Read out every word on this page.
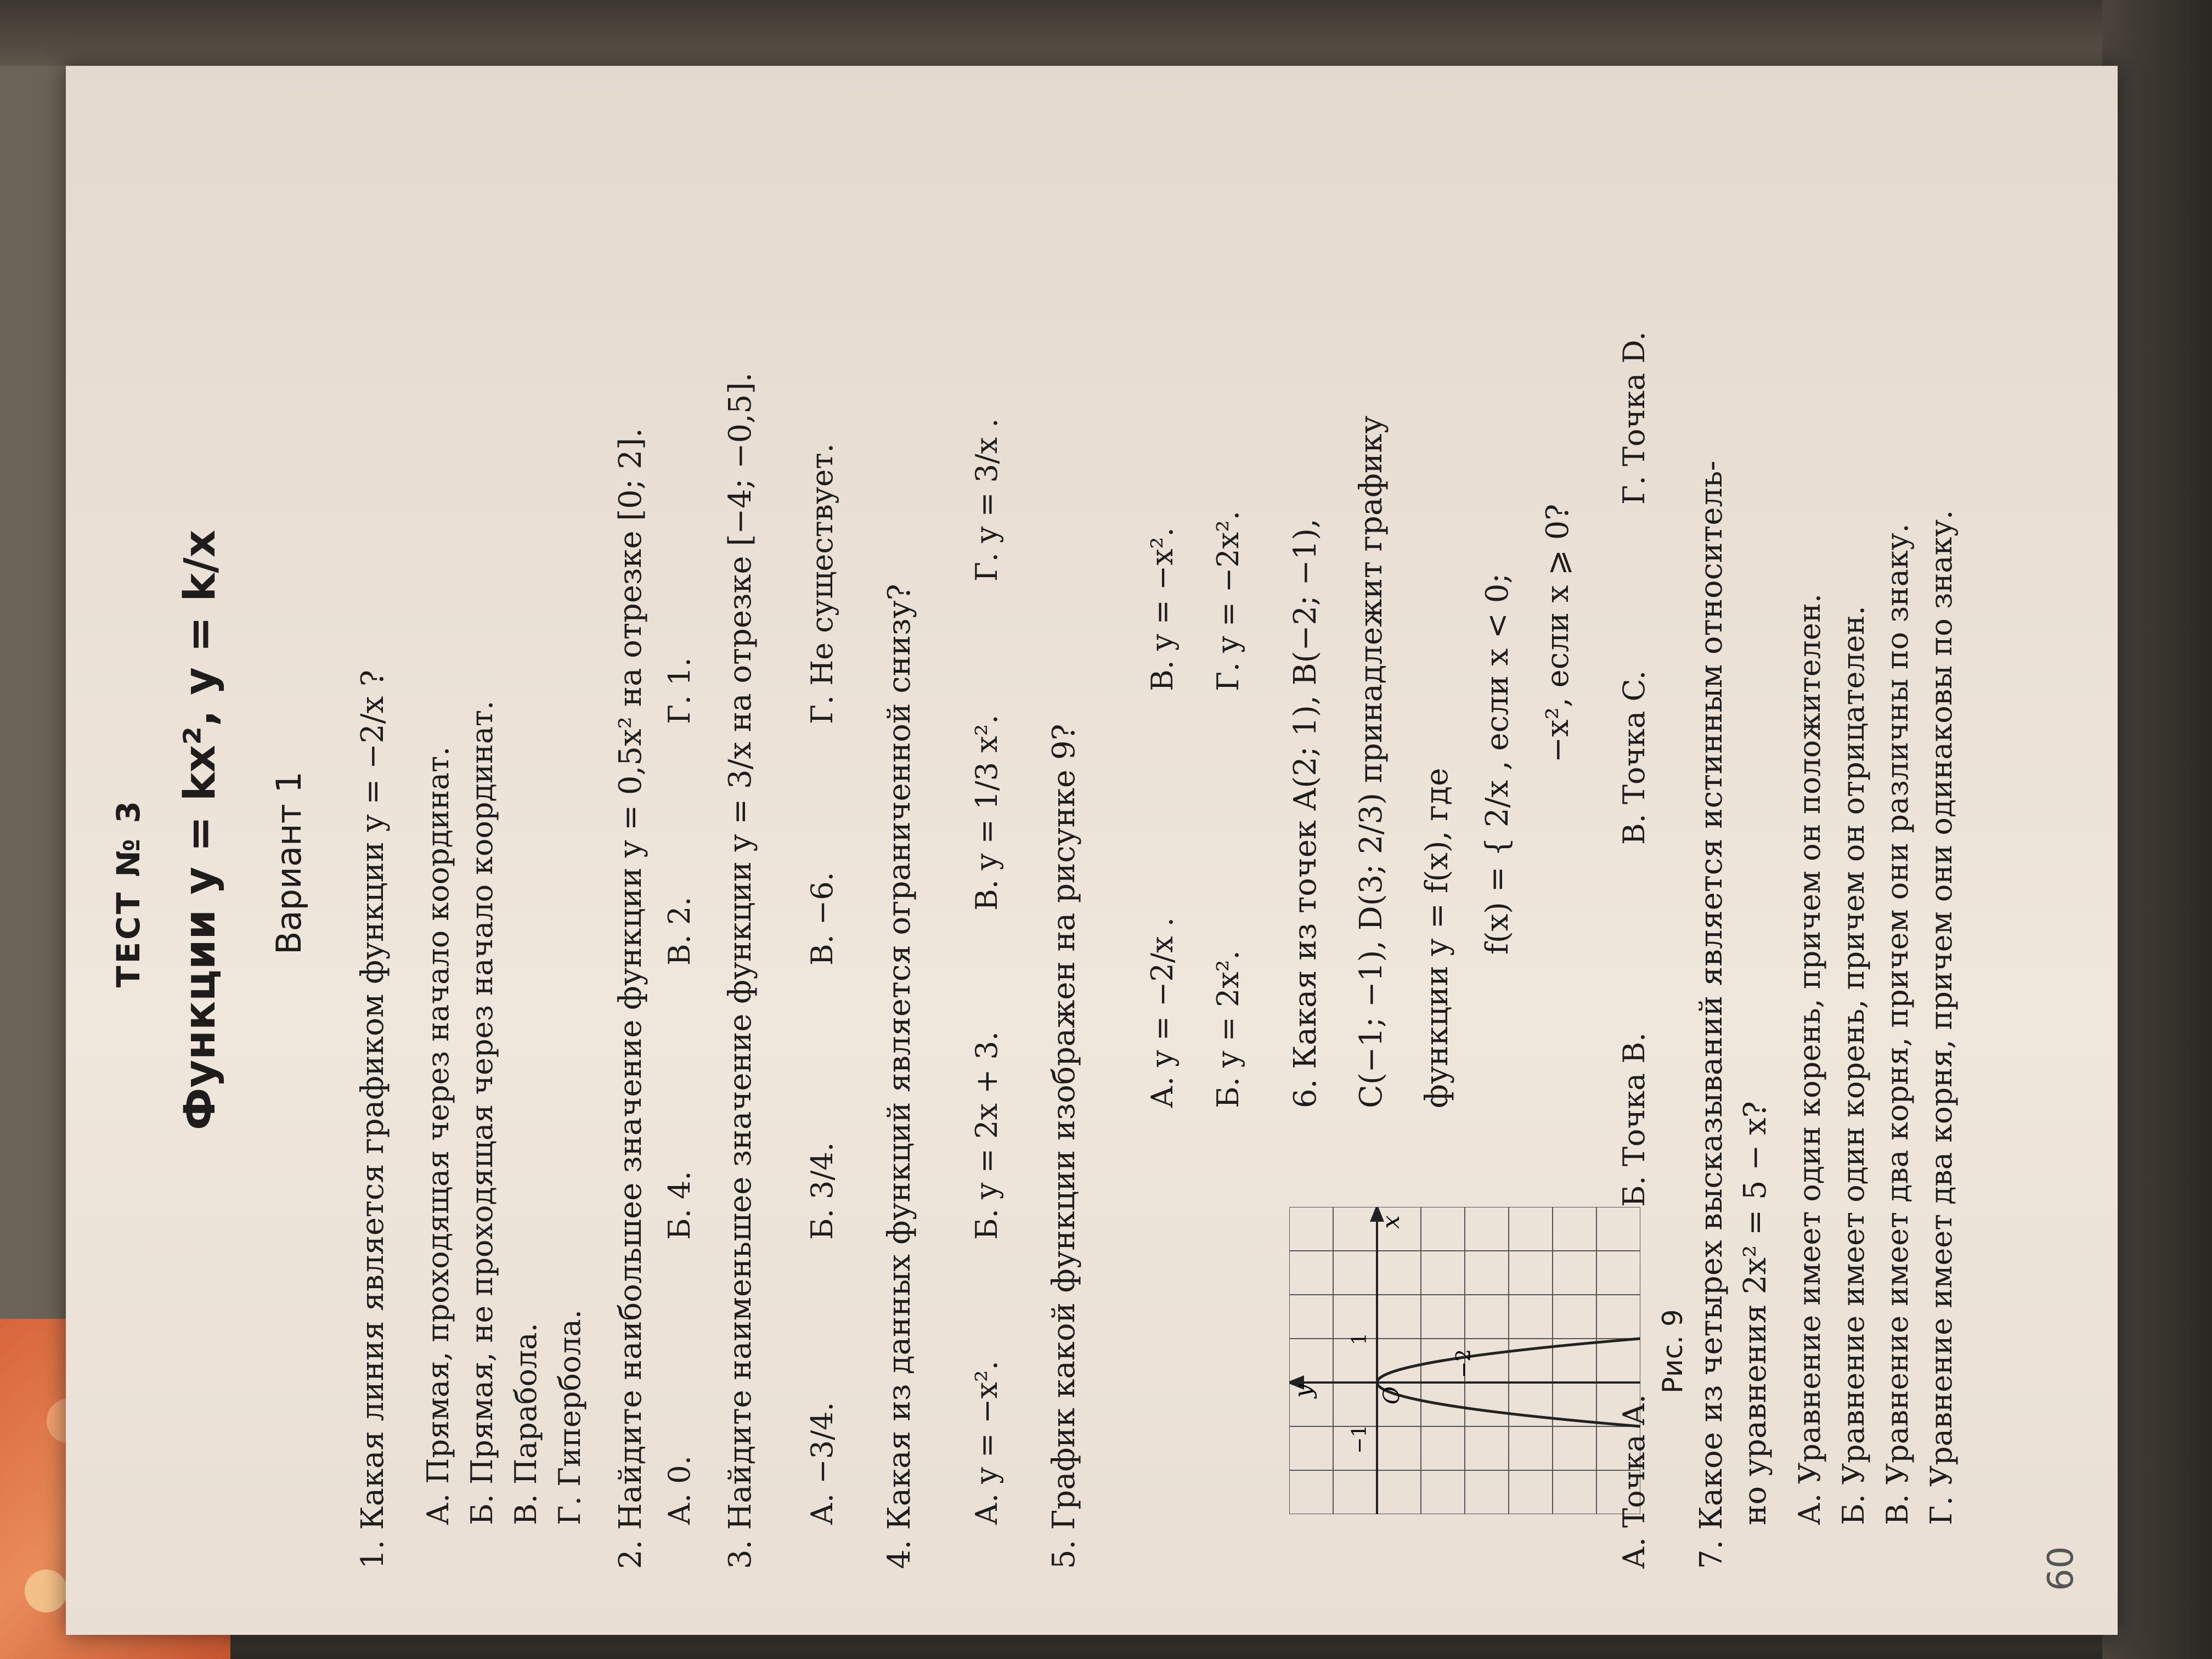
ТЕСТ № 3 Функции y = kx², y = k/x Вариант 1 1. Какая линия является графиком функции y = −2/x ? А. Прямая, проходящая через начало координат. Б. Прямая, не проходящая через начало координат. В. Парабола. Г. Гипербола. 2. Найдите наибольшее значение функции y = 0,5x² на отрезке [0; 2]. А. 0.
Б. 4.
В. 2.
Г. 1. 3. Найдите наименьшее значение функции y = 3/x на отрезке [−4; −0,5]. А. −3/4.
Б. 3/4.
В. −6.
Г. Не существует.
4. Какая из данных функций является ограниченной снизу? А. y = −x².
Б. y = 2x + 3.
В. y = 1/3 x².
Г. y = 3/x .
5. График какой функции изображен на рисунке 9?	y
x
O
−1
1
−2	Рис. 9
А. y = −2/x . Б. y = 2x².
В. y = −x². Г. y = −2x². 6. Какая из точек A(2; 1), B(−2; −1), C(−1; −1), D(3; 2/3) принадлежит графику функции y = f(x), где f(x) = { 2/x , если x < 0; −x², если x ⩾ 0?
А. Точка A.
Б. Точка B.
В. Точка C.
Г. Точка D.
7. Какое из четырех высказываний является истинным относитель- но уравнения 2x² = 5 − x? А. Уравнение имеет один корень, причем он положителен. Б. Уравнение имеет один корень, причем он отрицателен. В. Уравнение имеет два корня, причем они различны по знаку. Г. Уравнение имеет два корня, причем они одинаковы по знаку.
60
